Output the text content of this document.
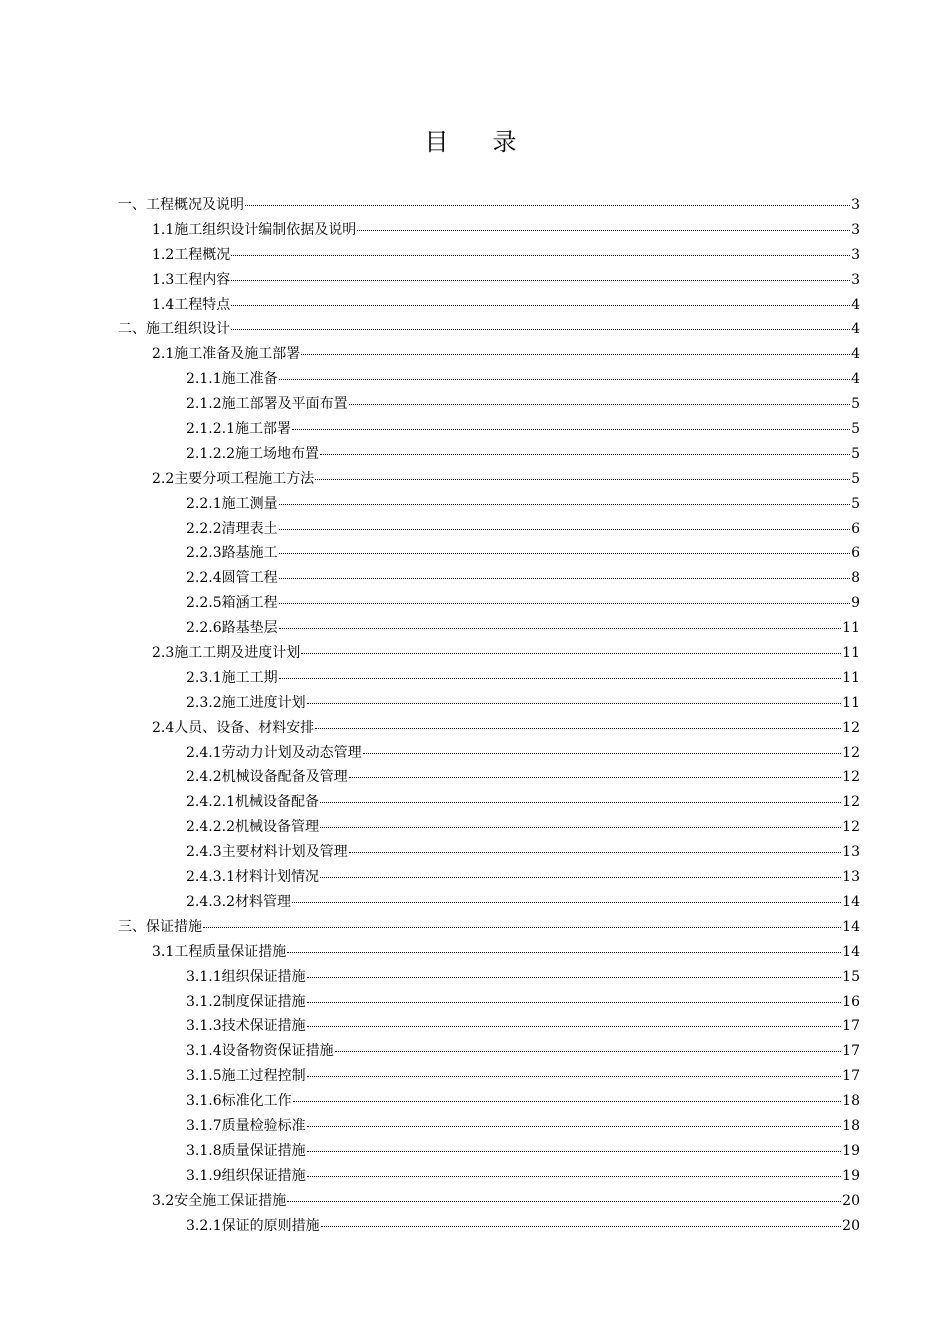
目录
一、工程概况及说明	3
1.1施工组织设计编制依据及说明	3
1.2工程概况	3
1.3工程内容	3
1.4工程特点	4
二、施工组织设计	4
2.1施工准备及施工部署	4
2.1.1施工准备	4
2.1.2施工部署及平面布置	5
2.1.2.1施工部署	5
2.1.2.2施工场地布置	5
2.2主要分项工程施工方法	5
2.2.1施工测量	5
2.2.2清理表土	6
2.2.3路基施工	6
2.2.4圆管工程	8
2.2.5箱涵工程	9
2.2.6路基垫层	11
2.3施工工期及进度计划	11
2.3.1施工工期	11
2.3.2施工进度计划	11
2.4人员、设备、材料安排	12
2.4.1劳动力计划及动态管理	12
2.4.2机械设备配备及管理	12
2.4.2.1机械设备配备	12
2.4.2.2机械设备管理	12
2.4.3主要材料计划及管理	13
2.4.3.1材料计划情况	13
2.4.3.2材料管理	14
三、保证措施	14
3.1工程质量保证措施	14
3.1.1组织保证措施	15
3.1.2制度保证措施	16
3.1.3技术保证措施	17
3.1.4设备物资保证措施	17
3.1.5施工过程控制	17
3.1.6标准化工作	18
3.1.7质量检验标准	18
3.1.8质量保证措施	19
3.1.9组织保证措施	19
3.2安全施工保证措施	20
3.2.1保证的原则措施	20
